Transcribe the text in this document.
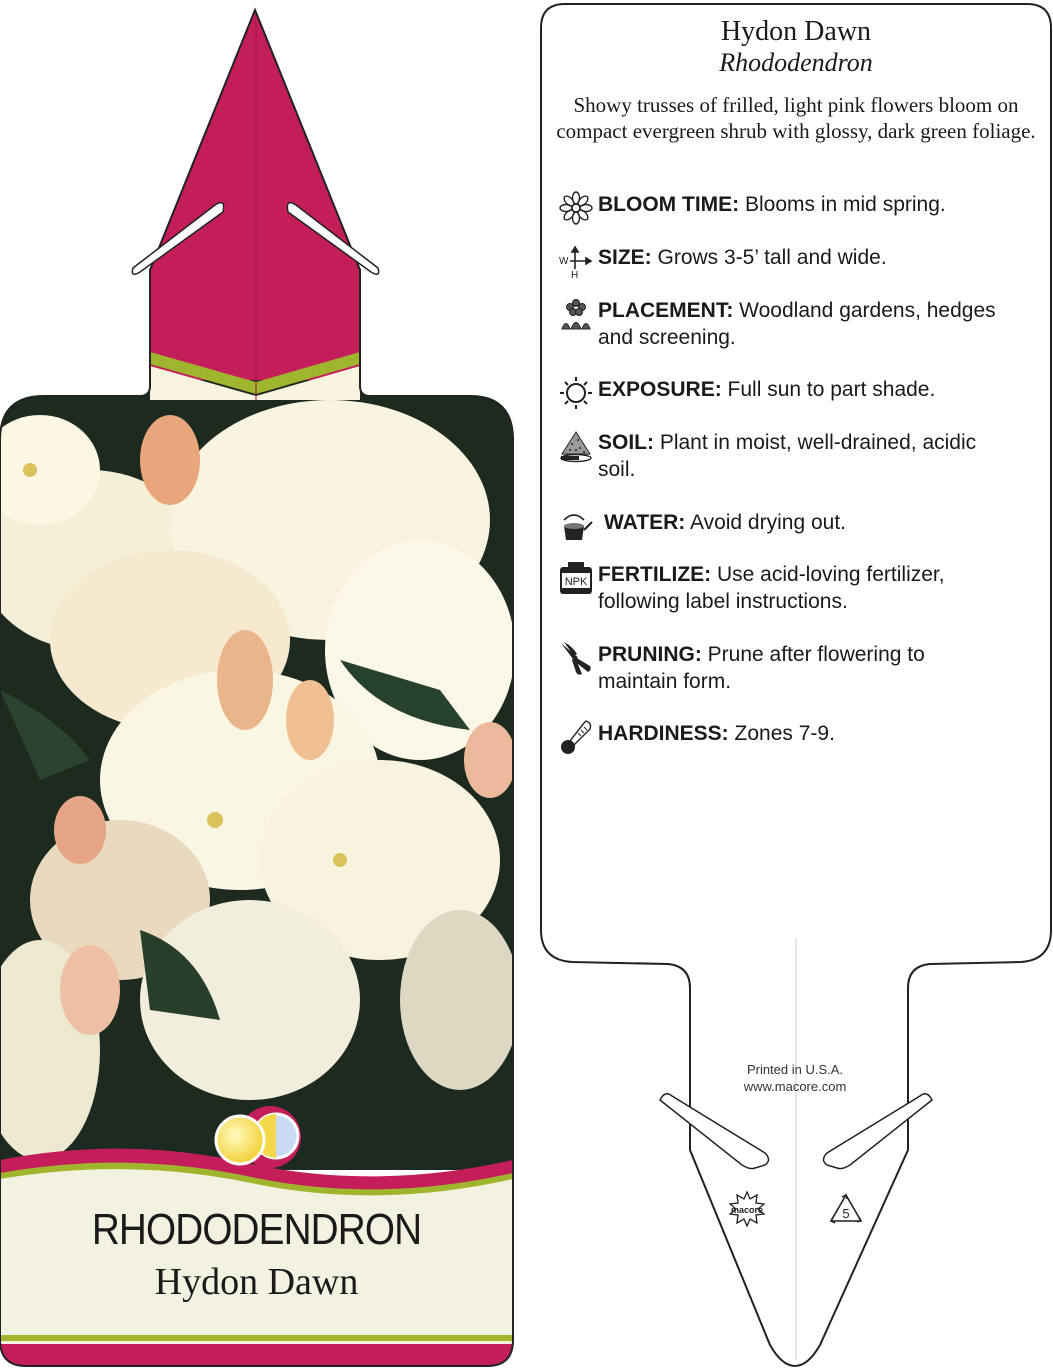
RHODODENDRON
Hydon Dawn
Hydon Dawn
Rhododendron
Showy trusses of frilled, light pink flowers bloom on compact evergreen shrub with glossy, dark green foliage.
BLOOM TIME: Blooms in mid spring.
W
H
SIZE: Grows 3-5’ tall and wide.
PLACEMENT: Woodland gardens, hedges
and screening.
EXPOSURE: Full sun to part shade.
SOIL: Plant in moist, well-drained, acidic
soil.
WATER: Avoid drying out.
NPK FERTILIZE: Use acid-loving fertilizer,
following label instructions.
PRUNING: Prune after flowering to
maintain form.
HARDINESS: Zones 7-9.
Printed in U.S.A.
www.macore.com
macore	5
